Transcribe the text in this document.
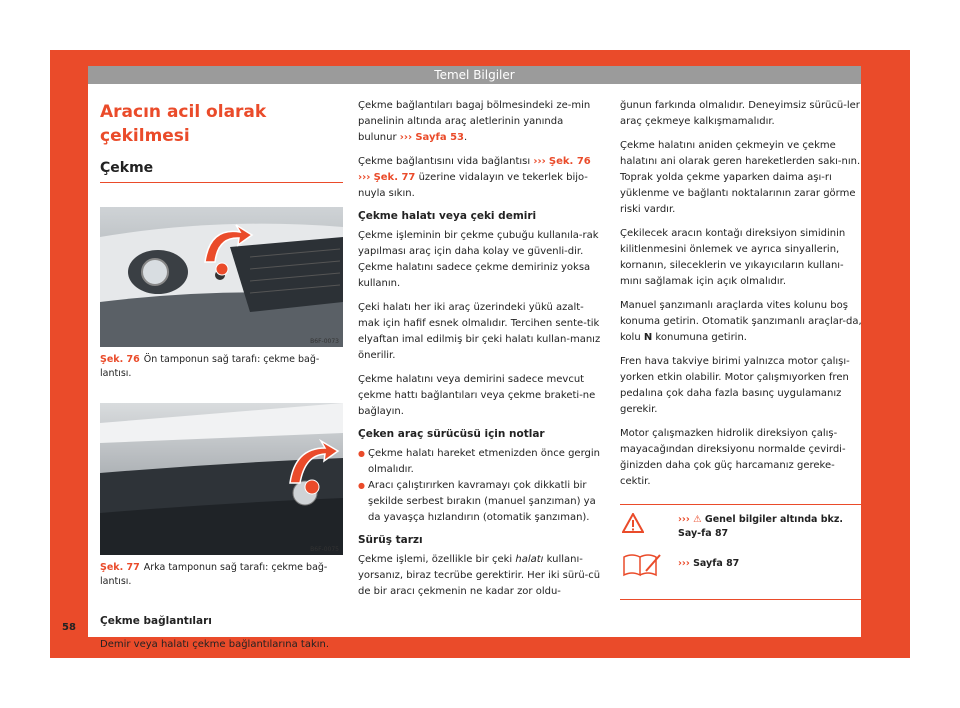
Temel Bilgiler
Aracın acil olarak çekilmesi
Çekme
B6F-0073
Şek. 76 Ön tamponun sağ tarafı: çekme bağ-lantısı.
B6F-0075
Şek. 77 Arka tamponun sağ tarafı: çekme bağ-lantısı.

Çekme bağlantıları

Demir veya halatı çekme bağlantılarına takın.

Çekme bağlantıları bagaj bölmesindeki ze-min panelinin altında araç aletlerinin yanında bulunur ››› Sayfa 53.

Çekme bağlantısını vida bağlantısı ››› Şek. 76 ››› Şek. 77 üzerine vidalayın ve tekerlek bijo-nuyla sıkın.

Çekme halatı veya çeki demiri

Çekme işleminin bir çekme çubuğu kullanıla-rak yapılması araç için daha kolay ve güvenli-dir. Çekme halatını sadece çekme demiriniz yoksa kullanın.

Çeki halatı her iki araç üzerindeki yükü azalt-mak için hafif esnek olmalıdır. Tercihen sente-tik elyaftan imal edilmiş bir çeki halatı kullan-manız önerilir.

Çekme halatını veya demirini sadece mevcut çekme hattı bağlantıları veya çekme braketi-ne bağlayın.

Çeken araç sürücüsü için notlar
● Çekme halatı hareket etmenizden önce gergin olmalıdır.
● Aracı çalıştırırken kavramayı çok dikkatli bir şekilde serbest bırakın (manuel şanzıman) ya da yavaşça hızlandırın (otomatik şanzıman).
Sürüş tarzı

Çekme işlemi, özellikle bir çeki halatı kullanı-yorsanız, biraz tecrübe gerektirir. Her iki sürü-cü de bir aracı çekmenin ne kadar zor oldu-

ğunun farkında olmalıdır. Deneyimsiz sürücü-ler araç çekmeye kalkışmamalıdır.

Çekme halatını aniden çekmeyin ve çekme halatını ani olarak geren hareketlerden sakı-nın. Toprak yolda çekme yaparken daima aşı-rı yüklenme ve bağlantı noktalarının zarar görme riski vardır.

Çekilecek aracın kontağı direksiyon simidinin kilitlenmesini önlemek ve ayrıca sinyallerin, kornanın, sileceklerin ve yıkayıcıların kullanı-mını sağlamak için açık olmalıdır.

Manuel şanzımanlı araçlarda vites kolunu boş konuma getirin. Otomatik şanzımanlı araçlar-da, kolu N konumuna getirin.

Fren hava takviye birimi yalnızca motor çalışı-yorken etkin olabilir. Motor çalışmıyorken fren pedalına çok daha fazla basınç uygulamanız gerekir.

Motor çalışmazken hidrolik direksiyon çalış-mayacağından direksiyonu normalde çevirdi-ğinizden daha çok güç harcamanız gereke-cektir.

››› ⚠ Genel bilgiler altında bkz. Say-fa 87
››› Sayfa 87
58
